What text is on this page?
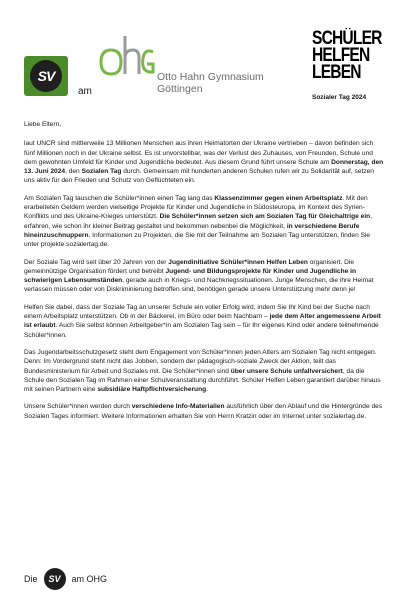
SV
am
Otto Hahn Gymnasium
Göttingen
SCHÜLER
HELFEN
LEBEN
Sozialer Tag 2024

Liebe Eltern,

laut UNCR sind mittlerweile 13 Millionen Menschen aus ihren Heimatorten der Ukraine vertrieben – davon befinden sich fünf Millionen noch in der Ukraine selbst. Es ist unvorstellbar, was der Verlust des Zuhauses, von Freunden, Schule und dem gewohnten Umfeld für Kinder und Jugendliche bedeutet. Aus diesem Grund führt unsere Schule am Donnerstag, den 13. Juni 2024, den Sozialen Tag durch. Gemeinsam mit hunderten anderen Schulen rufen wir zu Solidarität auf, setzen uns aktiv für den Frieden und Schutz von Geflüchteten ein.

Am Sozialen Tag tauschen die Schüler*innen einen Tag lang das Klassenzimmer gegen einen Arbeitsplatz. Mit den erarbeiteten Geldern werden vielseitige Projekte für Kinder und Jugendliche in Südosteuropa, im Kontext des Syrien-Konflikts und des Ukraine-Krieges unterstützt. Die Schüler*innen setzen sich am Sozialen Tag für Gleichaltrige ein, erfahren, wie schon ihr kleiner Beitrag gestaltet und bekommen nebenbei die Möglichkeit, in verschiedene Berufe hineinzuschnuppern. Informationen zu Projekten, die Sie mit der Teilnahme am Sozialen Tag unterstützen, finden Sie unter projekte.sozialertag.de.

Der Soziale Tag wird seit über 20 Jahren von der Jugendinitiative Schüler*innen Helfen Leben organisiert. Die gemeinnützige Organisation fördert und betreibt Jugend- und Bildungsprojekte für Kinder und Jugendliche in schwierigen Lebensumständen, gerade auch in Kriegs- und Nachkriegssituationen. Junge Menschen, die ihre Heimat verlassen müssen oder von Diskriminierung betroffen sind, benötigen gerade unsere Unterstützung mehr denn je!

Helfen Sie dabei, dass der Soziale Tag an unserer Schule ein voller Erfolg wird, indem Sie Ihr Kind bei der Suche nach einem Arbeitsplatz unterstützen. Ob in der Bäckerei, im Büro oder beim Nachbarn – jede dem Alter angemessene Arbeit ist erlaubt. Auch Sie selbst können Arbeitgeber*in am Sozialen Tag sein – für Ihr eigenes Kind oder andere teilnehmende Schüler*innen.

Das Jugendarbeitsschutzgesetz steht dem Engagement von Schüler*innen jeden Alters am Sozialen Tag nicht entgegen. Denn: Im Vordergrund steht nicht das Jobben, sondern der pädagogisch-soziale Zweck der Aktion, teilt das Bundesministerium für Arbeit und Soziales mit. Die Schüler*innen sind über unsere Schule unfallversichert, da die Schule den Sozialen Tag im Rahmen einer Schulveranstaltung durchführt. Schüler Helfen Leben garantiert darüber hinaus mit seinen Partnern eine subsidiäre Haftpflichtversicherung.

Unsere Schüler*innen werden durch verschiedene Info-Materialien ausführlich über den Ablauf und die Hintergründe des Sozialen Tages informiert. Weitere Informationen erhalten Sie von Herrn Kratzin oder im Internet unter sozialertag.de.

Die SV am OHG
